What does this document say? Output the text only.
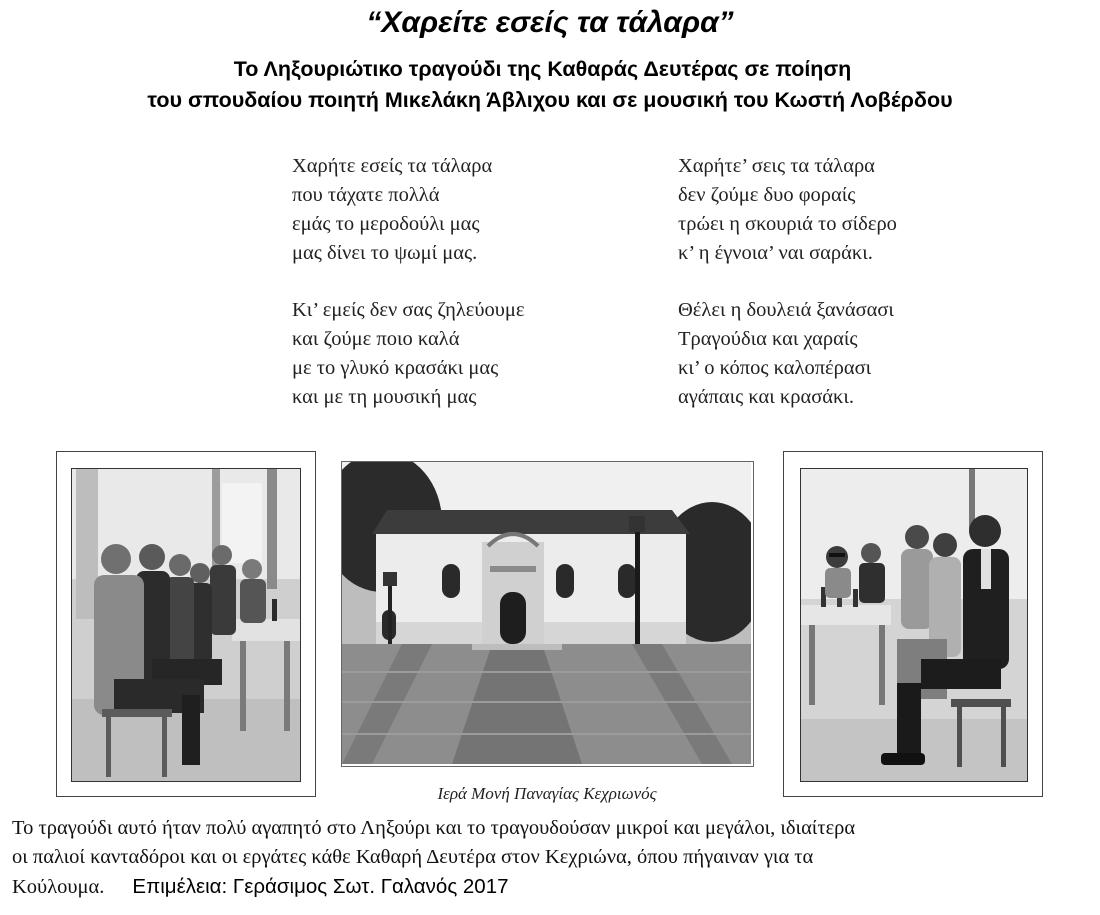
“Χαρείτε εσείς τα τάλαρα”
Το Ληξουριώτικο τραγούδι της Καθαράς Δευτέρας σε ποίηση
του σπουδαίου ποιητή Μικελάκη Άβλιχου και σε μουσική του Κωστή Λοβέρδου
Χαρήτε εσείς τα τάλαρα
που τάχατε πολλά
εμάς το μεροδούλι μας
μας δίνει το ψωμί μας.
Κι’ εμείς δεν σας ζηλεύουμε
και ζούμε ποιο καλά
με το γλυκό κρασάκι μας
και με τη μουσική μας
Χαρήτε’ σεις τα τάλαρα
δεν ζούμε δυο φοραίς
τρώει η σκουριά το σίδερο
κ’ η έγνοια’ ναι σαράκι.
Θέλει η δουλειά ξανάσασι
Τραγούδια και χαραίς
κι’ ο κόπος καλοπέρασι
αγάπαις και κρασάκι.
Ιερά Μονή Παναγίας Κεχριωνός
Το τραγούδι αυτό ήταν πολύ αγαπητό στο Ληξούρι και το τραγουδούσαν μικροί και μεγάλοι, ιδιαίτερα
οι παλιοί κανταδόροι και οι εργάτες κάθε Καθαρή Δευτέρα στον Κεχριώνα, όπου πήγαιναν για τα
Κούλουμα. Επιμέλεια: Γεράσιμος Σωτ. Γαλανός 2017
